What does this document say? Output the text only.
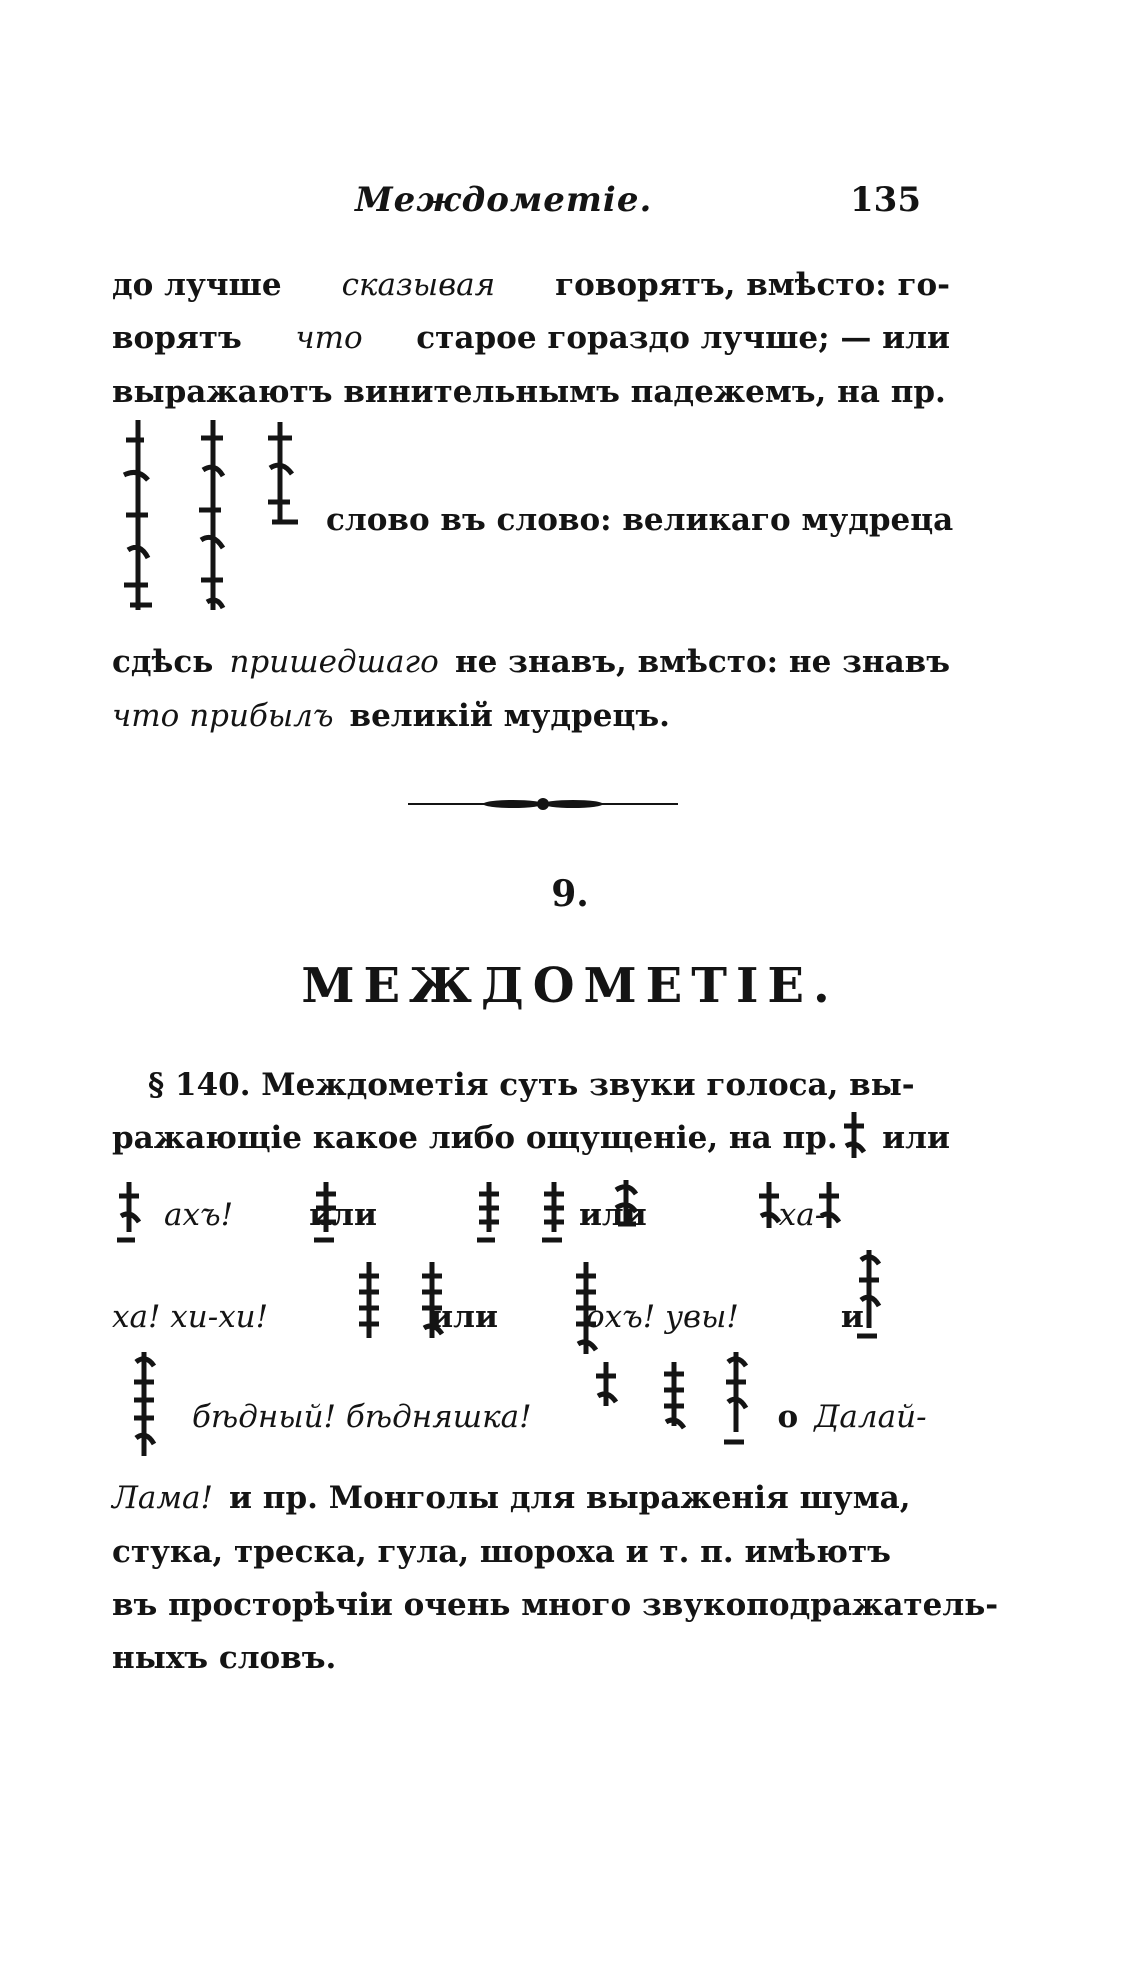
Междометiе.	135
до лучше сказывая говорятъ, вмѣсто: го-
ворятъ что старое гораздо лучше; — или
выражаютъ винительнымъ падежемъ, на пр.
слово въ слово: великаго мудреца
сдѣсь пришедшаго не знавъ, вмѣсто: не знавъ
что прибылъ великiй мудрецъ.
9.
МЕЖДОМЕТIЕ.
§ 140. Междометiя суть звуки голоса, вы-
ражающiе какое либо ощущенiе, на пр. или
ахъ! или	или	ха-
ха! хи-хи!	или	охъ! увы!	и
бѣдный! бѣдняшка!	о Далай-
Лама! и пр. Монголы для выраженiя шума,
стука, треска, гула, шороха и т. п. имѣютъ
въ просторѣчiи очень много звукоподражатель-
ныхъ словъ.
